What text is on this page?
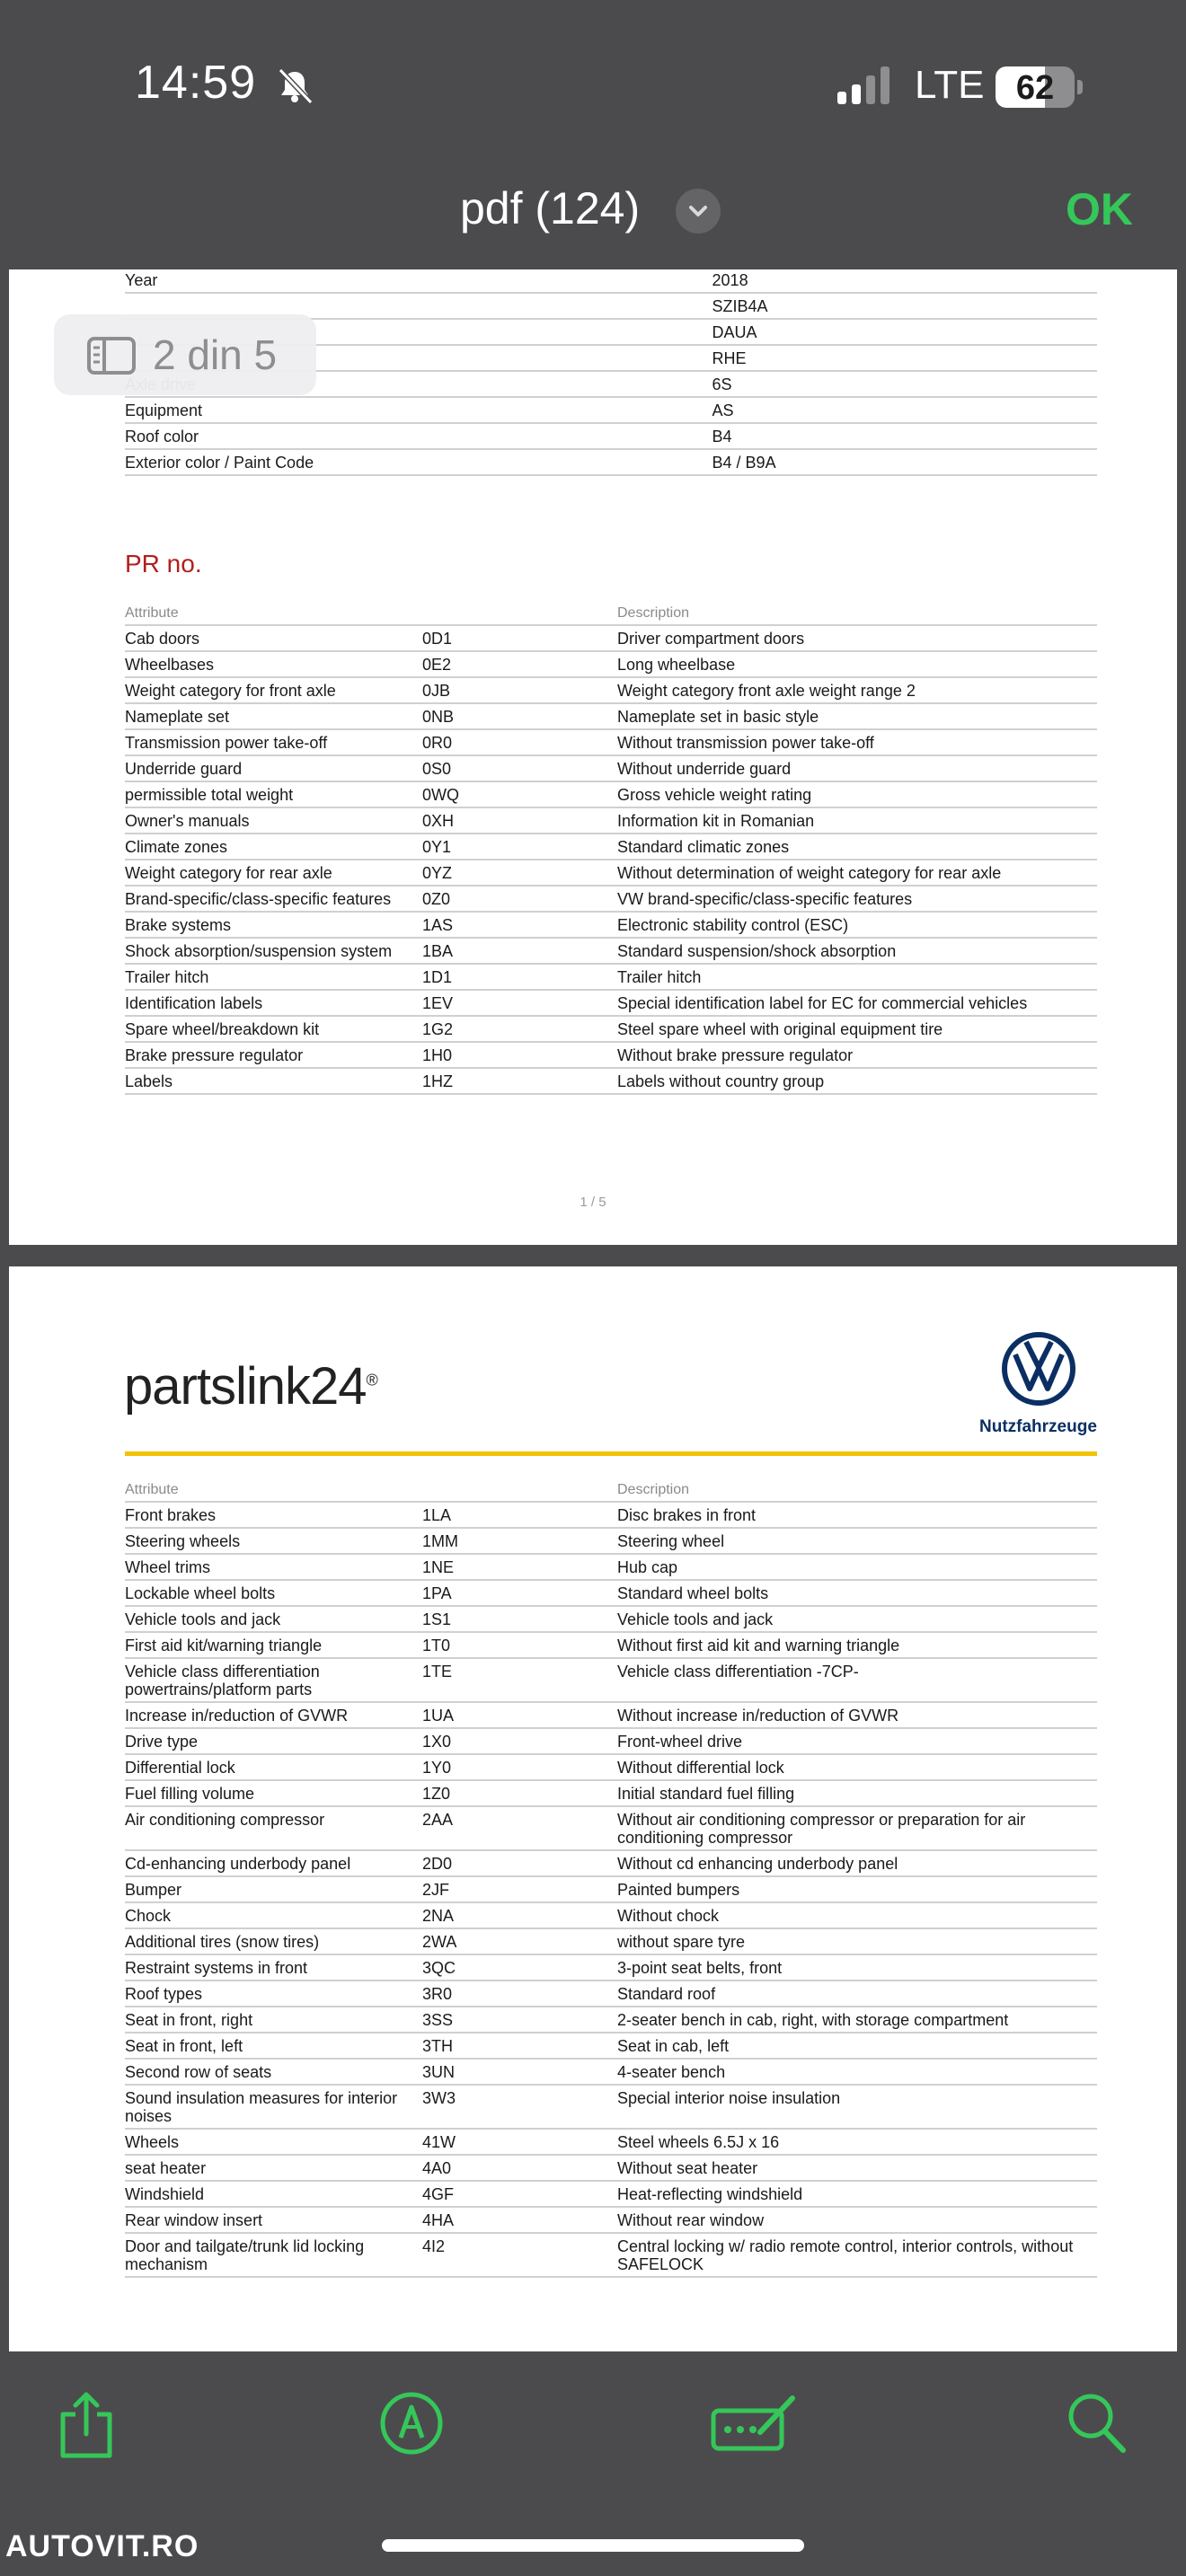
14:59	LTE 62
pdf (124)	OK
Year	2018
	SZIB4A
	DAUA
	RHE
	6S
Equipment	AS
Roof color	B4
Exterior color / Paint Code	B4 / B9A
PR no.
Attribute		Description
Cab doors	0D1	Driver compartment doors
Wheelbases	0E2	Long wheelbase
Weight category for front axle	0JB	Weight category front axle weight range 2
Nameplate set	0NB	Nameplate set in basic style
Transmission power take-off	0R0	Without transmission power take-off
Underride guard	0S0	Without underride guard
permissible total weight	0WQ	Gross vehicle weight rating
Owner's manuals	0XH	Information kit in Romanian
Climate zones	0Y1	Standard climatic zones
Weight category for rear axle	0YZ	Without determination of weight category for rear axle
Brand-specific/class-specific features	0Z0	VW brand-specific/class-specific features
Brake systems	1AS	Electronic stability control (ESC)
Shock absorption/suspension system	1BA	Standard suspension/shock absorption
Trailer hitch	1D1	Trailer hitch
Identification labels	1EV	Special identification label for EC for commercial vehicles
Spare wheel/breakdown kit	1G2	Steel spare wheel with original equipment tire
Brake pressure regulator	1H0	Without brake pressure regulator
Labels	1HZ	Labels without country group
1 / 5
2 din 5
partslink24®
Nutzfahrzeuge
Attribute		Description
Front brakes	1LA	Disc brakes in front
Steering wheels	1MM	Steering wheel
Wheel trims	1NE	Hub cap
Lockable wheel bolts	1PA	Standard wheel bolts
Vehicle tools and jack	1S1	Vehicle tools and jack
First aid kit/warning triangle	1T0	Without first aid kit and warning triangle
Vehicle class differentiation powertrains/platform parts	1TE	Vehicle class differentiation -7CP-
Increase in/reduction of GVWR	1UA	Without increase in/reduction of GVWR
Drive type	1X0	Front-wheel drive
Differential lock	1Y0	Without differential lock
Fuel filling volume	1Z0	Initial standard fuel filling
Air conditioning compressor	2AA	Without air conditioning compressor or preparation for air conditioning compressor
Cd-enhancing underbody panel	2D0	Without cd enhancing underbody panel
Bumper	2JF	Painted bumpers
Chock	2NA	Without chock
Additional tires (snow tires)	2WA	without spare tyre
Restraint systems in front	3QC	3-point seat belts, front
Roof types	3R0	Standard roof
Seat in front, right	3SS	2-seater bench in cab, right, with storage compartment
Seat in front, left	3TH	Seat in cab, left
Second row of seats	3UN	4-seater bench
Sound insulation measures for interior noises	3W3	Special interior noise insulation
Wheels	41W	Steel wheels 6.5J x 16
seat heater	4A0	Without seat heater
Windshield	4GF	Heat-reflecting windshield
Rear window insert	4HA	Without rear window
Door and tailgate/trunk lid locking mechanism	4I2	Central locking w/ radio remote control, interior controls, without SAFELOCK
AUTOVIT.RO
